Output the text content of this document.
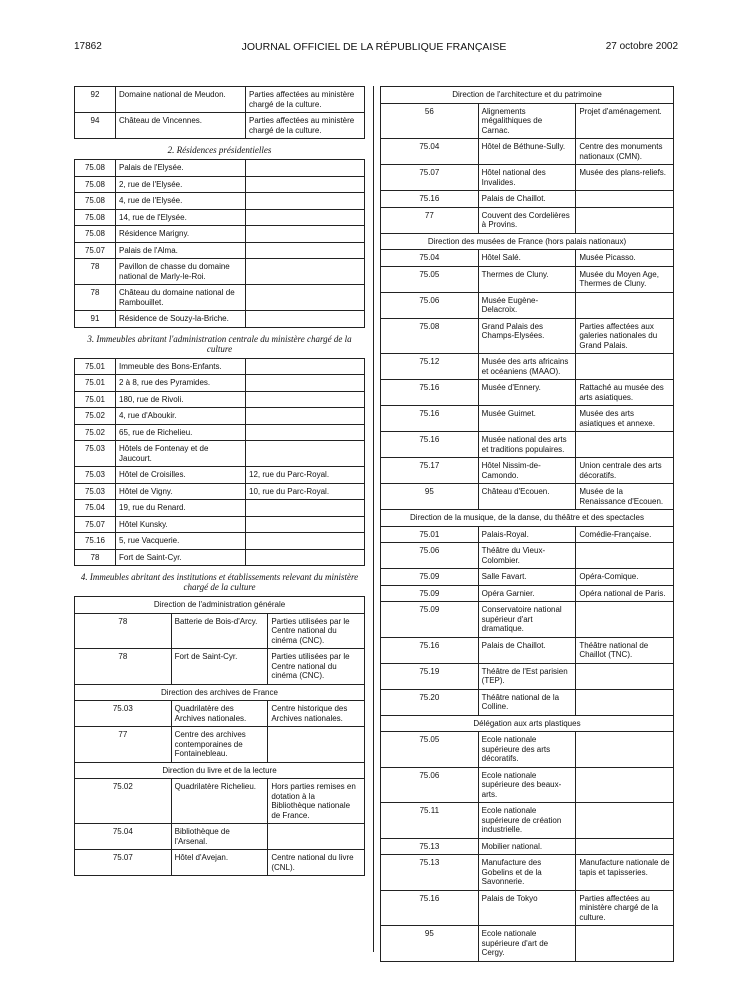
17862	JOURNAL OFFICIEL DE LA RÉPUBLIQUE FRANÇAISE	27 octobre 2002
92	Domaine national de Meudon.	Parties affectées au ministère chargé de la culture.
94	Château de Vincennes.	Parties affectées au ministère chargé de la culture.
2. Résidences présidentielles
75.08	Palais de l'Elysée.	
75.08	2, rue de l'Elysée.	
75.08	4, rue de l'Elysée.	
75.08	14, rue de l'Elysée.	
75.08	Résidence Marigny.	
75.07	Palais de l'Alma.	
78	Pavillon de chasse du domaine national de Marly-le-Roi.	
78	Château du domaine national de Rambouillet.	
91	Résidence de Souzy-la-Briche.	
3. Immeubles abritant l'administration centrale du ministère chargé de la culture
75.01	Immeuble des Bons-Enfants.	
75.01	2 à 8, rue des Pyramides.	
75.01	180, rue de Rivoli.	
75.02	4, rue d'Aboukir.	
75.02	65, rue de Richelieu.	
75.03	Hôtels de Fontenay et de Jaucourt.	
75.03	Hôtel de Croisilles.	12, rue du Parc-Royal.
75.03	Hôtel de Vigny.	10, rue du Parc-Royal.
75.04	19, rue du Renard.	
75.07	Hôtel Kunsky.	
75.16	5, rue Vacquerie.	
78	Fort de Saint-Cyr.	
4. Immeubles abritant des institutions et établissements relevant du ministère chargé de la culture
Direction de l'administration générale		
78	Batterie de Bois-d'Arcy.	Parties utilisées par le Centre national du cinéma (CNC).
78	Fort de Saint-Cyr.	Parties utilisées par le Centre national du cinéma (CNC).
Direction des archives de France		
75.03	Quadrilatère des Archives nationales.	Centre historique des Archives nationales.
77	Centre des archives contemporaines de Fontainebleau.	
Direction du livre et de la lecture		
75.02	Quadrilatère Richelieu.	Hors parties remises en dotation à la Bibliothèque nationale de France.
75.04	Bibliothèque de l'Arsenal.	
75.07	Hôtel d'Avejan.	Centre national du livre (CNL).
Direction de l'architecture et du patrimoine		
56	Alignements mégalithiques de Carnac.	Projet d'aménagement.
75.04	Hôtel de Béthune-Sully.	Centre des monuments nationaux (CMN).
75.07	Hôtel national des Invalides.	Musée des plans-reliefs.
75.16	Palais de Chaillot.	
77	Couvent des Cordelières à Provins.	
Direction des musées de France (hors palais nationaux)		
75.04	Hôtel Salé.	Musée Picasso.
75.05	Thermes de Cluny.	Musée du Moyen Age, Thermes de Cluny.
75.06	Musée Eugène-Delacroix.	
75.08	Grand Palais des Champs-Elysées.	Parties affectées aux galeries nationales du Grand Palais.
75.12	Musée des arts africains et océaniens (MAAO).	
75.16	Musée d'Ennery.	Rattaché au musée des arts asiatiques.
75.16	Musée Guimet.	Musée des arts asiatiques et annexe.
75.16	Musée national des arts et traditions populaires.	
75.17	Hôtel Nissim-de-Camondo.	Union centrale des arts décoratifs.
95	Château d'Ecouen.	Musée de la Renaissance d'Ecouen.
Direction de la musique, de la danse, du théâtre et des spectacles		
75.01	Palais-Royal.	Comédie-Française.
75.06	Théâtre du Vieux-Colombier.	
75.09	Salle Favart.	Opéra-Comique.
75.09	Opéra Garnier.	Opéra national de Paris.
75.09	Conservatoire national supérieur d'art dramatique.	
75.16	Palais de Chaillot.	Théâtre national de Chaillot (TNC).
75.19	Théâtre de l'Est parisien (TEP).	
75.20	Théâtre national de la Colline.	
Délégation aux arts plastiques		
75.05	Ecole nationale supérieure des arts décoratifs.	
75.06	Ecole nationale supérieure des beaux-arts.	
75.11	Ecole nationale supérieure de création industrielle.	
75.13	Mobilier national.	
75.13	Manufacture des Gobelins et de la Savonnerie.	Manufacture nationale de tapis et tapisseries.
75.16	Palais de Tokyo	Parties affectées au ministère chargé de la culture.
95	Ecole nationale supérieure d'art de Cergy.	
